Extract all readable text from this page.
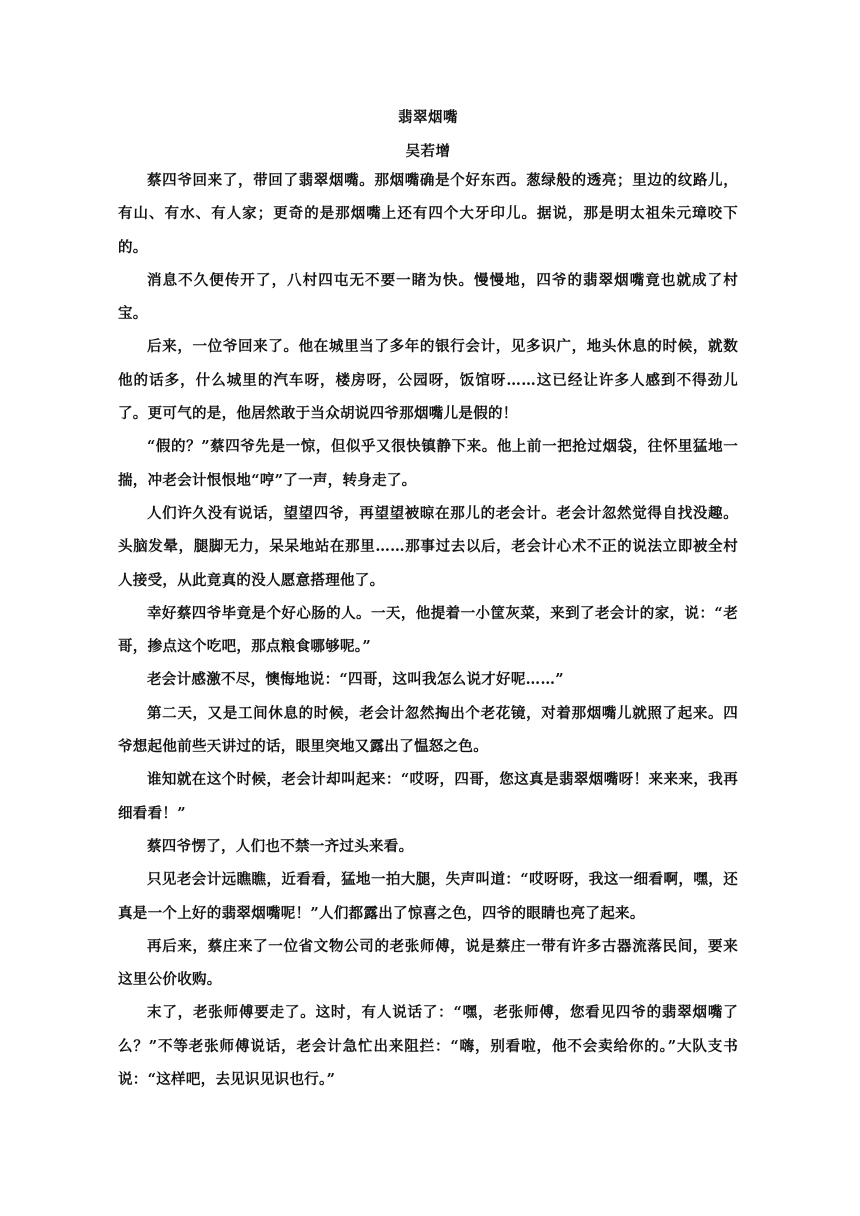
翡翠烟嘴
吴若增

蔡四爷回来了，带回了翡翠烟嘴。那烟嘴确是个好东西。葱绿般的透亮；里边的纹路儿，有山、有水、有人家；更奇的是那烟嘴上还有四个大牙印儿。据说，那是明太祖朱元璋咬下的。

消息不久便传开了，八村四屯无不要一睹为快。慢慢地，四爷的翡翠烟嘴竟也就成了村宝。

后来，一位爷回来了。他在城里当了多年的银行会计，见多识广，地头休息的时候，就数他的话多，什么城里的汽车呀，楼房呀，公园呀，饭馆呀……这已经让许多人感到不得劲儿了。更可气的是，他居然敢于当众胡说四爷那烟嘴儿是假的！

“假的？”蔡四爷先是一惊，但似乎又很快镇静下来。他上前一把抢过烟袋，往怀里猛地一揣，冲老会计恨恨地“哼”了一声，转身走了。

人们许久没有说话，望望四爷，再望望被晾在那儿的老会计。老会计忽然觉得自找没趣。头脑发晕，腿脚无力，呆呆地站在那里……那事过去以后，老会计心术不正的说法立即被全村人接受，从此竟真的没人愿意搭理他了。

幸好蔡四爷毕竟是个好心肠的人。一天，他提着一小筐灰菜，来到了老会计的家，说：“老哥，掺点这个吃吧，那点粮食哪够呢。”

老会计感激不尽，懊悔地说：“四哥，这叫我怎么说才好呢……”

第二天，又是工间休息的时候，老会计忽然掏出个老花镜，对着那烟嘴儿就照了起来。四爷想起他前些天讲过的话，眼里突地又露出了愠怒之色。

谁知就在这个时候，老会计却叫起来：“哎呀，四哥，您这真是翡翠烟嘴呀！来来来，我再细看看！”

蔡四爷愣了，人们也不禁一齐过头来看。

只见老会计远瞧瞧，近看看，猛地一拍大腿，失声叫道：“哎呀呀，我这一细看啊，嘿，还真是一个上好的翡翠烟嘴呢！”人们都露出了惊喜之色，四爷的眼睛也亮了起来。

再后来，蔡庄来了一位省文物公司的老张师傅，说是蔡庄一带有许多古器流落民间，要来这里公价收购。

末了，老张师傅要走了。这时，有人说话了：“嘿，老张师傅，您看见四爷的翡翠烟嘴了么？”不等老张师傅说话，老会计急忙出来阻拦：“嗨，别看啦，他不会卖给你的。”大队支书说：“这样吧，去见识见识也行。”
